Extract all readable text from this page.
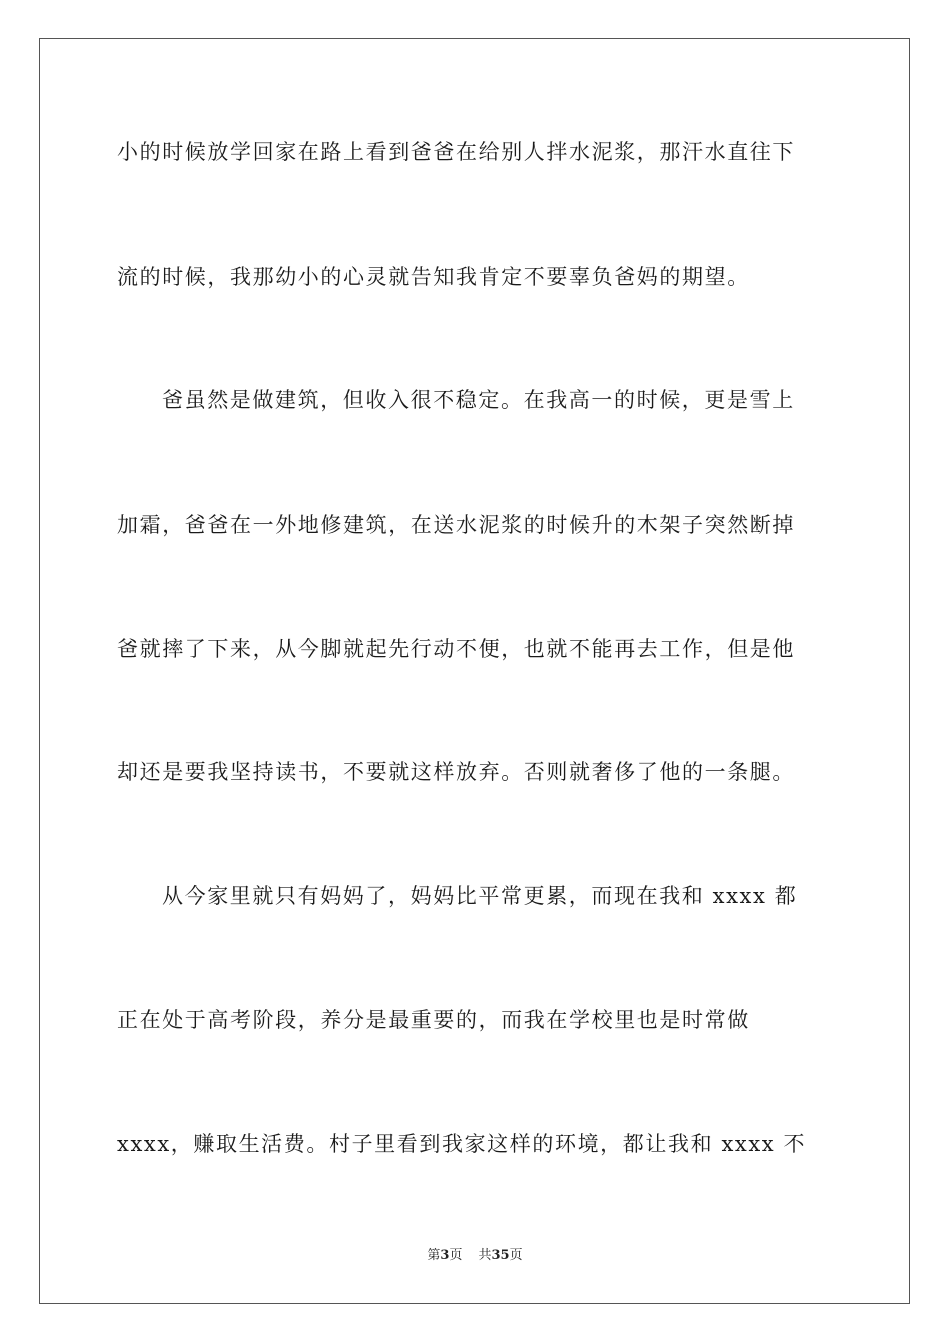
小的时候放学回家在路上看到爸爸在给别人拌水泥浆，那汗水直往下
流的时候，我那幼小的心灵就告知我肯定不要辜负爸妈的期望。
爸虽然是做建筑，但收入很不稳定。在我高一的时候，更是雪上
加霜，爸爸在一外地修建筑，在送水泥浆的时候升的木架子突然断掉
爸就摔了下来，从今脚就起先行动不便，也就不能再去工作，但是他
却还是要我坚持读书，不要就这样放弃。否则就奢侈了他的一条腿。
从今家里就只有妈妈了，妈妈比平常更累，而现在我和 xxxx 都
正在处于高考阶段，养分是最重要的，而我在学校里也是时常做
xxxx，赚取生活费。村子里看到我家这样的环境，都让我和 xxxx 不
第3页 共35页
